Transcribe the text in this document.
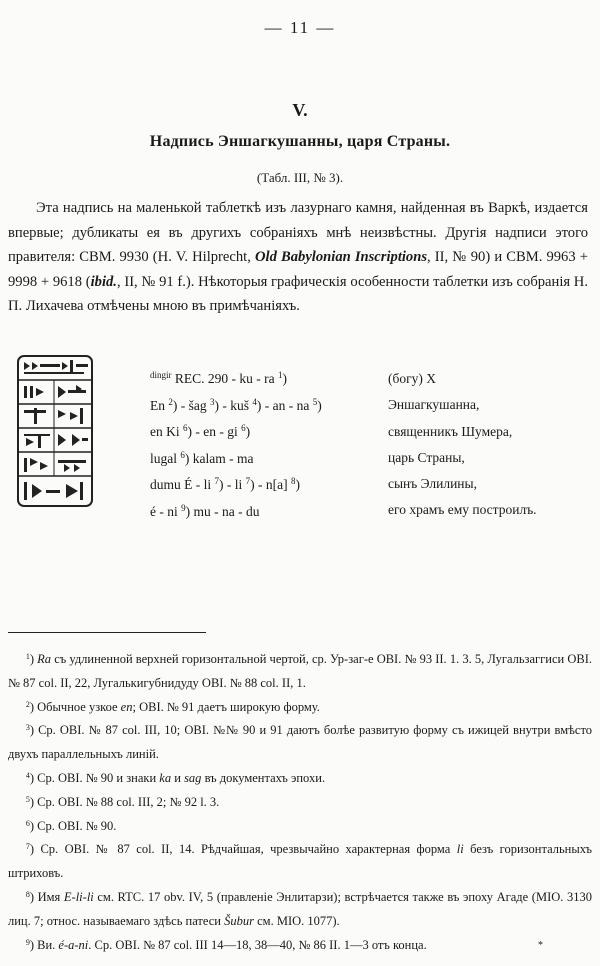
— 11 —
V.
Надпись Эншагкушанны, царя Страны.
(Табл. III, № 3).

Эта надпись на маленькой таблеткѣ изъ лазурнаго камня, найденная въ Варкѣ, издается впервые; дубликаты ея въ другихъ собраніяхъ мнѣ неизвѣстны. Другія надписи этого правителя: CBM. 9930 (H. V. Hilprecht, Old Babylonian Inscriptions, II, № 90) и CBM. 9963 + 9998 + 9618 (ibid., II, № 91 f.). Нѣкоторыя графическія особенности таблетки изъ собранія Н. П. Лихачева отмѣчены мною въ примѣчаніяхъ.

$^{dingir}$ REC. 290 - ku - ra $^1$)
En $^2$) - šag $^3$) - kuš $^4$) - an - na $^5$)
en Ki $^6$) - en - gi $^6$)
lugal $^6$) kalam - ma
dumu É - li $^7$) - li $^7$) - n[a] $^8$)
é - ni $^9$) mu - na - du
(богу) X
Эншагкушанна,
священникъ Шумера,
царь Страны,
сынъ Элилины,
его храмъ ему построилъ.

$^1$) Ra съ удлиненной верхней горизонтальной чертой, ср. Ур-заг-е OBI. № 93 II. 1. 3. 5, Лугальзаггиси OBI. № 87 col. II, 22, Лугалькигубнидуду OBI. № 88 col. II, 1.

$^2$) Обычное узкое en; OBI. № 91 даетъ широкую форму.

$^3$) Ср. OBI. № 87 col. III, 10; OBI. №№ 90 и 91 даютъ болѣе развитую форму съ ижицей внутри вмѣсто двухъ параллельныхъ линій.

$^4$) Ср. OBI. № 90 и знаки ka и sag въ документахъ эпохи.

$^5$) Ср. OBI. № 88 col. III, 2; № 92 l. 3.

$^6$) Ср. OBI. № 90.

$^7$) Ср. OBI. № 87 col. II, 14. Рѣдчайшая, чрезвычайно характерная форма li безъ горизонтальныхъ штриховъ.

$^8$) Имя E-li-li см. RTC. 17 obv. IV, 5 (правленіе Энлитарзи); встрѣчается также въ эпоху Агаде (MIO. 3130 лиц. 7; относ. называемаго здѣсь патеси Šubur см. MIO. 1077).

$^9$) Ви. é-a-ni. Ср. OBI. № 87 col. III 14—18, 38—40, № 86 II. 1—3 отъ конца.	*
